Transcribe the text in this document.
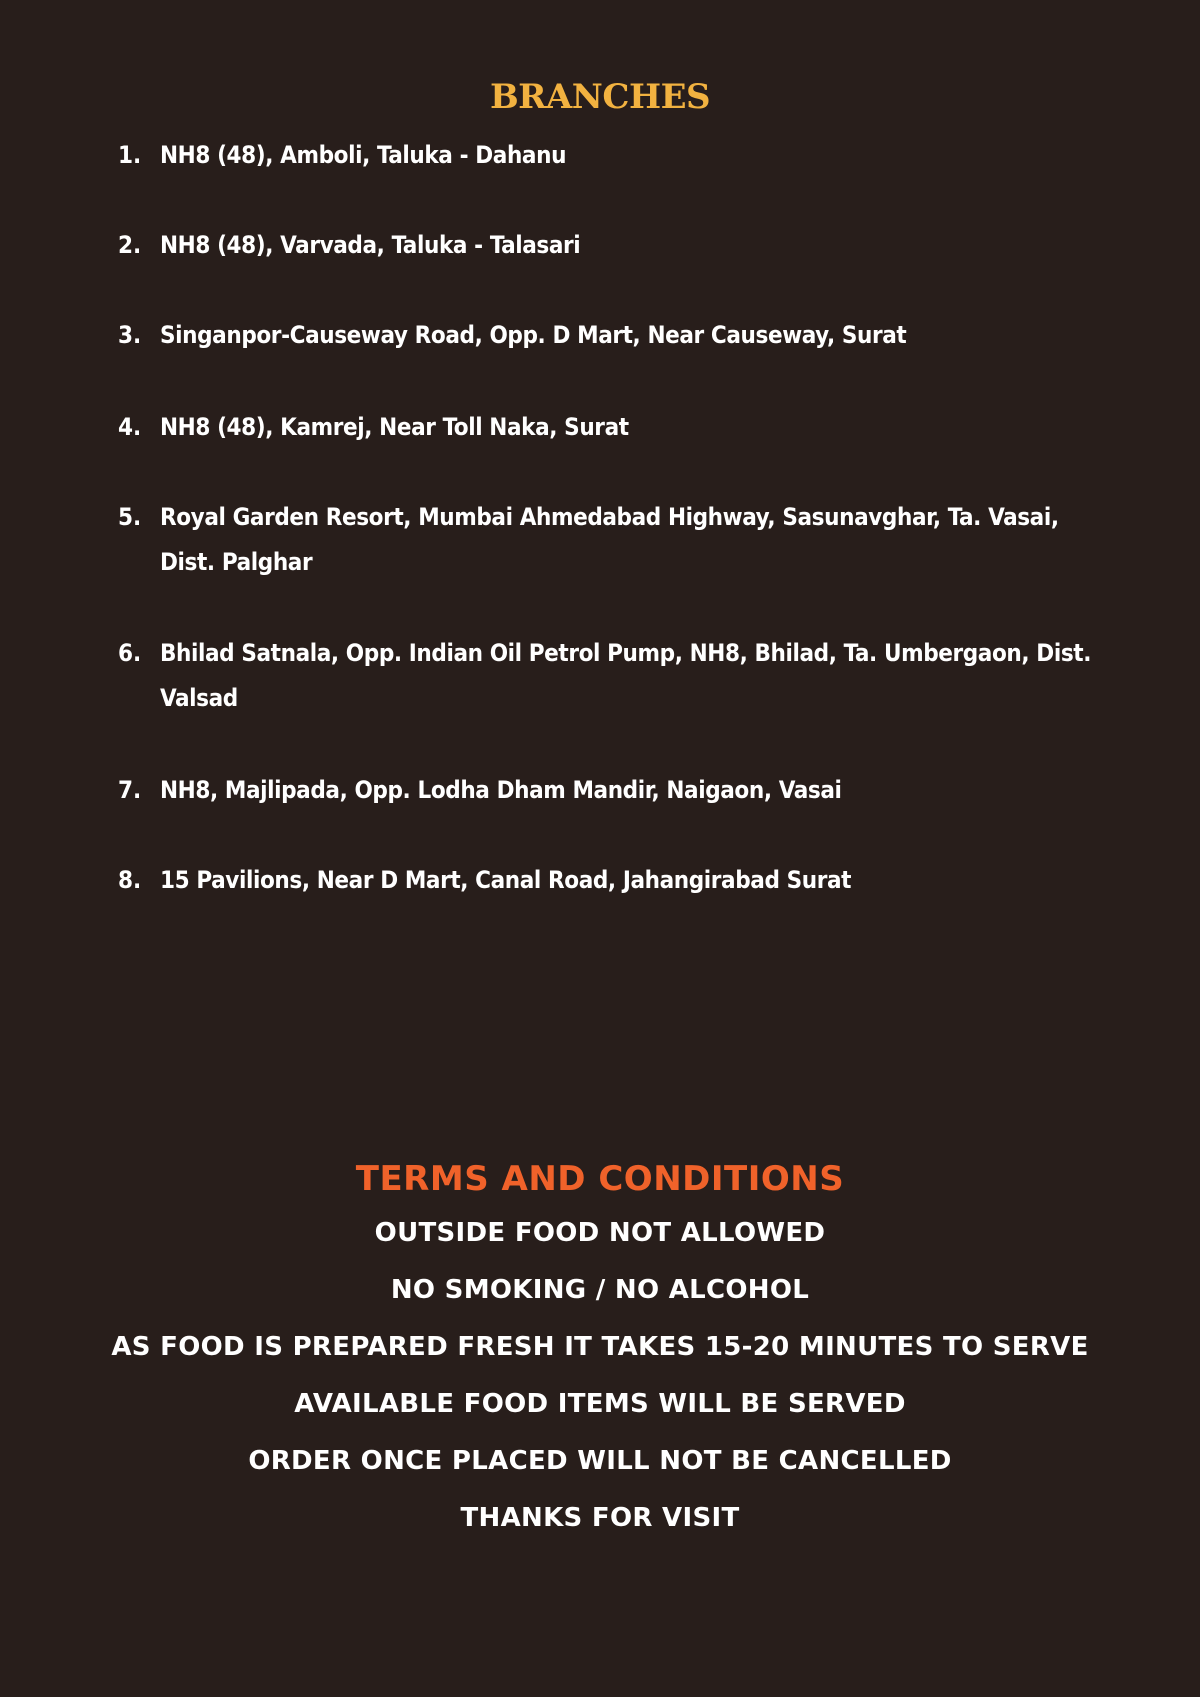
BRANCHES
1. NH8 (48), Amboli, Taluka - Dahanu
2. NH8 (48), Varvada, Taluka - Talasari
3. Singanpor-Causeway Road, Opp. D Mart, Near Causeway, Surat
4. NH8 (48), Kamrej, Near Toll Naka, Surat
5. Royal Garden Resort, Mumbai Ahmedabad Highway, Sasunavghar, Ta. Vasai, Dist. Palghar
6. Bhilad Satnala, Opp. Indian Oil Petrol Pump, NH8, Bhilad, Ta. Umbergaon, Dist. Valsad
7. NH8, Majlipada, Opp. Lodha Dham Mandir, Naigaon, Vasai
8. 15 Pavilions, Near D Mart, Canal Road, Jahangirabad Surat
TERMS AND CONDITIONS
OUTSIDE FOOD NOT ALLOWED
NO SMOKING / NO ALCOHOL
AS FOOD IS PREPARED FRESH IT TAKES 15-20 MINUTES TO SERVE
AVAILABLE FOOD ITEMS WILL BE SERVED
ORDER ONCE PLACED WILL NOT BE CANCELLED
THANKS FOR VISIT
